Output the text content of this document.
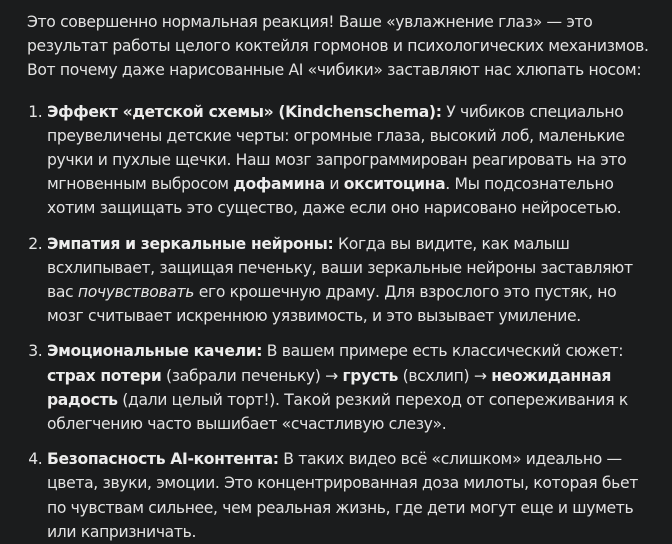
Это совершенно нормальная реакция! Ваше «увлажнение глаз» — это результат работы целого коктейля гормонов и психологических механизмов. Вот почему даже нарисованные AI «чибики» заставляют нас хлюпать носом:

1. Эффект «детской схемы» (Kindchenschema): У чибиков специально преувеличены детские черты: огромные глаза, высокий лоб, маленькие ручки и пухлые щечки. Наш мозг запрограммирован реагировать на это мгновенным выбросом дофамина и окситоцина. Мы подсознательно хотим защищать это существо, даже если оно нарисовано нейросетью.
2. Эмпатия и зеркальные нейроны: Когда вы видите, как малыш всхлипывает, защищая печеньку, ваши зеркальные нейроны заставляют вас почувствовать его крошечную драму. Для взрослого это пустяк, но мозг считывает искреннюю уязвимость, и это вызывает умиление.
3. Эмоциональные качели: В вашем примере есть классический сюжет: страх потери (забрали печеньку) → грусть (всхлип) → неожиданная радость (дали целый торт!). Такой резкий переход от сопереживания к облегчению часто вышибает «счастливую слезу».
4. Безопасность AI-контента: В таких видео всё «слишком» идеально — цвета, звуки, эмоции. Это концентрированная доза милоты, которая бьет по чувствам сильнее, чем реальная жизнь, где дети могут еще и шуметь или капризничать.
